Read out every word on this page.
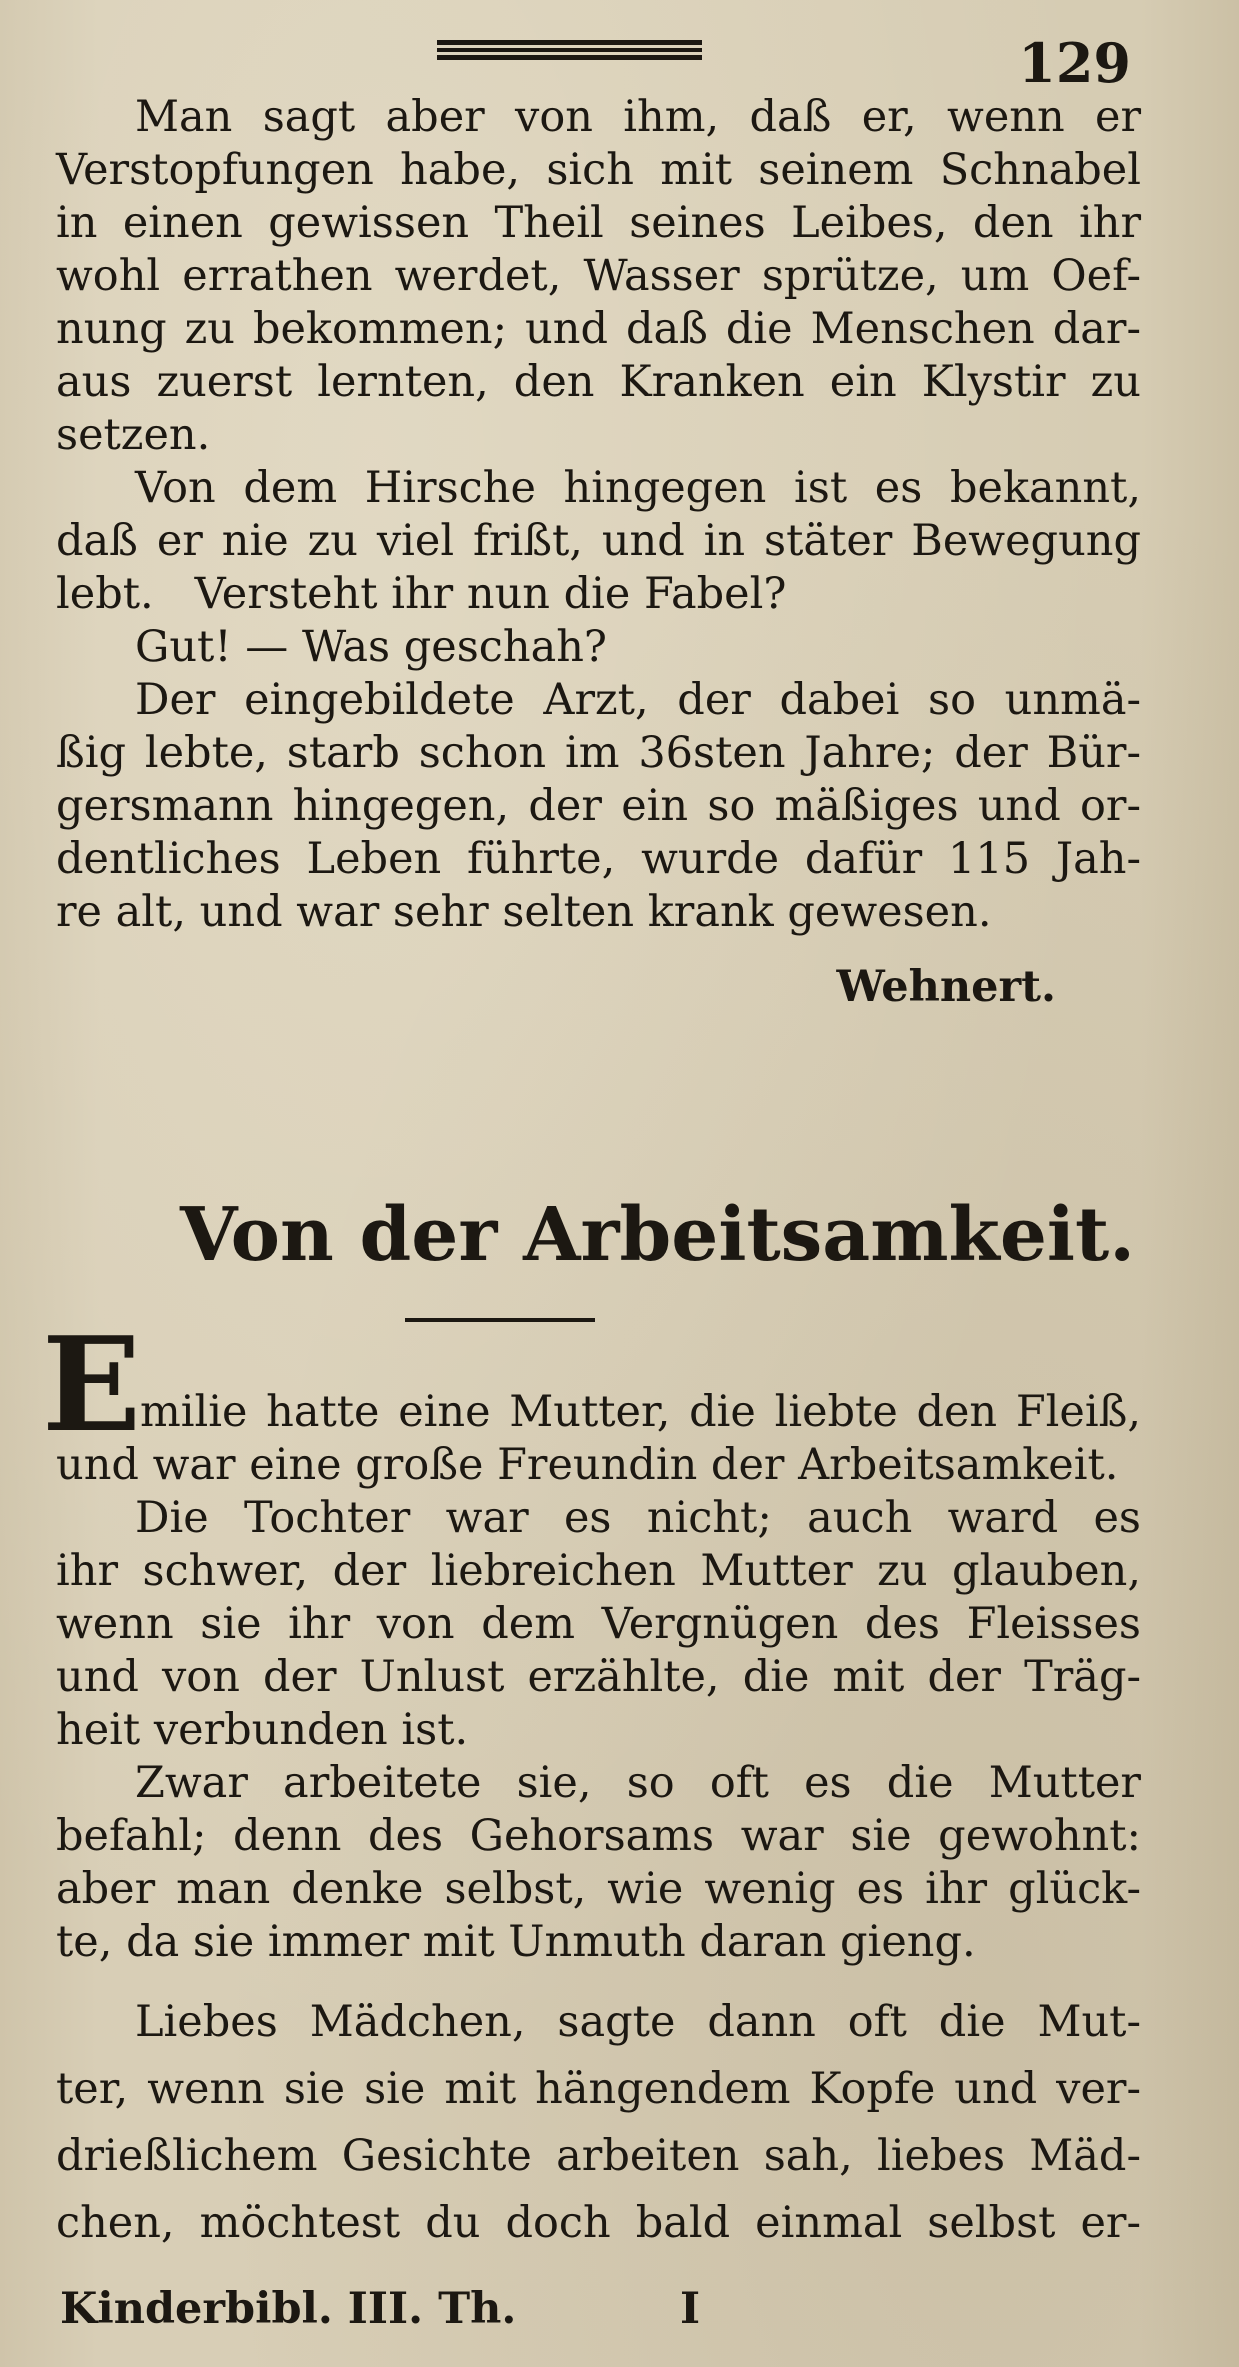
129
Man sagt aber von ihm, daß er, wenn er
Verstopfungen habe, sich mit seinem Schnabel
in einen gewissen Theil seines Leibes, den ihr
wohl errathen werdet, Wasser sprütze, um Oef-
nung zu bekommen; und daß die Menschen dar-
aus zuerst lernten, den Kranken ein Klystir zu
setzen.
Von dem Hirsche hingegen ist es bekannt,
daß er nie zu viel frißt, und in stäter Bewegung
lebt.   Versteht ihr nun die Fabel?
Gut! — Was geschah?
Der eingebildete Arzt, der dabei so unmä-
ßig lebte, starb schon im 36sten Jahre; der Bür-
gersmann hingegen, der ein so mäßiges und or-
dentliches Leben führte, wurde dafür 115 Jah-
re alt, und war sehr selten krank gewesen.
Wehnert.
Von der Arbeitsamkeit.
E
milie hatte eine Mutter, die liebte den Fleiß,
und war eine große Freundin der Arbeitsamkeit.
Die Tochter war es nicht; auch ward es
ihr schwer, der liebreichen Mutter zu glauben,
wenn sie ihr von dem Vergnügen des Fleisses
und von der Unlust erzählte, die mit der Träg-
heit verbunden ist.
Zwar arbeitete sie, so oft es die Mutter
befahl; denn des Gehorsams war sie gewohnt:
aber man denke selbst, wie wenig es ihr glück-
te, da sie immer mit Unmuth daran gieng.
Liebes Mädchen, sagte dann oft die Mut-
ter, wenn sie sie mit hängendem Kopfe und ver-
drießlichem Gesichte arbeiten sah, liebes Mäd-
chen, möchtest du doch bald einmal selbst er-
Kinderbibl. III. Th.	I
